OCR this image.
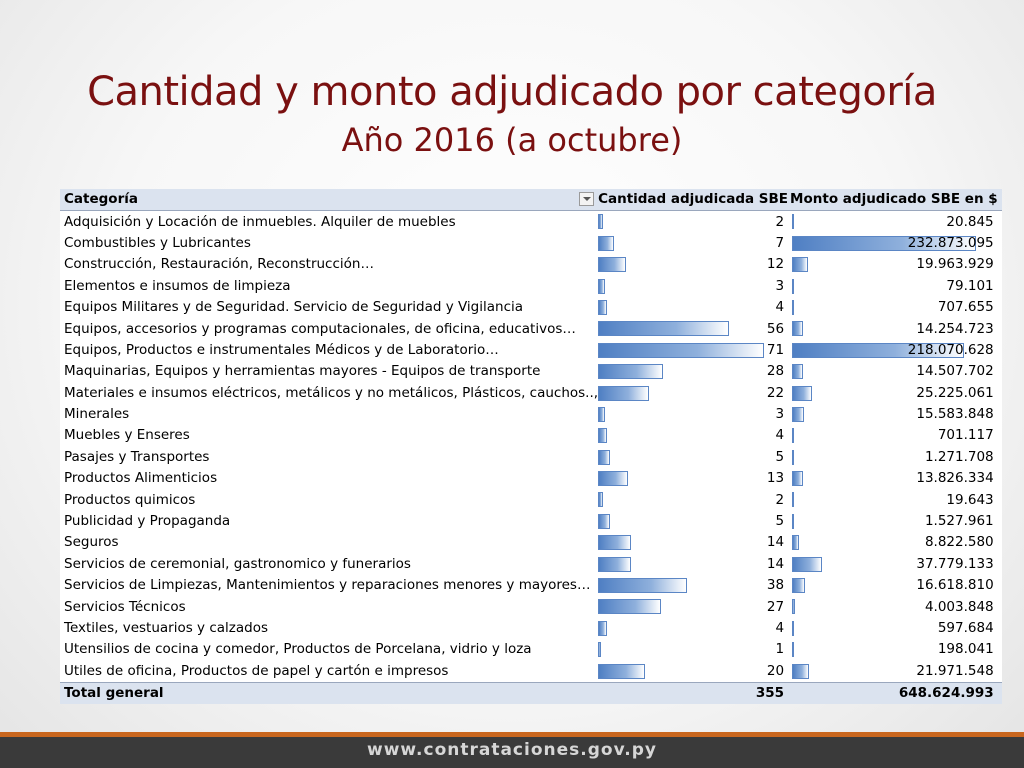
Cantidad y monto adjudicado por categoría
Año 2016 (a octubre)
Categoría	Cantidad adjudicada SBE	Monto adjudicado SBE en $
Adquisición y Locación de inmuebles. Alquiler de muebles	2	20.845
Combustibles y Lubricantes	7	232.873.095
Construcción, Restauración, Reconstrucción…	12	19.963.929
Elementos e insumos de limpieza	3	79.101
Equipos Militares y de Seguridad. Servicio de Seguridad y Vigilancia	4	707.655
Equipos, accesorios y programas computacionales, de oficina, educativos…	56	14.254.723
Equipos, Productos e instrumentales Médicos y de Laboratorio…	71	218.070.628
Maquinarias, Equipos y herramientas mayores - Equipos de transporte	28	14.507.702
Materiales e insumos eléctricos, metálicos y no metálicos, Plásticos, cauchos..,	22	25.225.061
Minerales	3	15.583.848
Muebles y Enseres	4	701.117
Pasajes y Transportes	5	1.271.708
Productos Alimenticios	13	13.826.334
Productos quimicos	2	19.643
Publicidad y Propaganda	5	1.527.961
Seguros	14	8.822.580
Servicios de ceremonial, gastronomico y funerarios	14	37.779.133
Servicios de Limpiezas, Mantenimientos y reparaciones menores y mayores…	38	16.618.810
Servicios Técnicos	27	4.003.848
Textiles, vestuarios y calzados	4	597.684
Utensilios de cocina y comedor, Productos de Porcelana, vidrio y loza	1	198.041
Utiles de oficina, Productos de papel y cartón e impresos	20	21.971.548
Total general	355	648.624.993
www.contrataciones.gov.py
